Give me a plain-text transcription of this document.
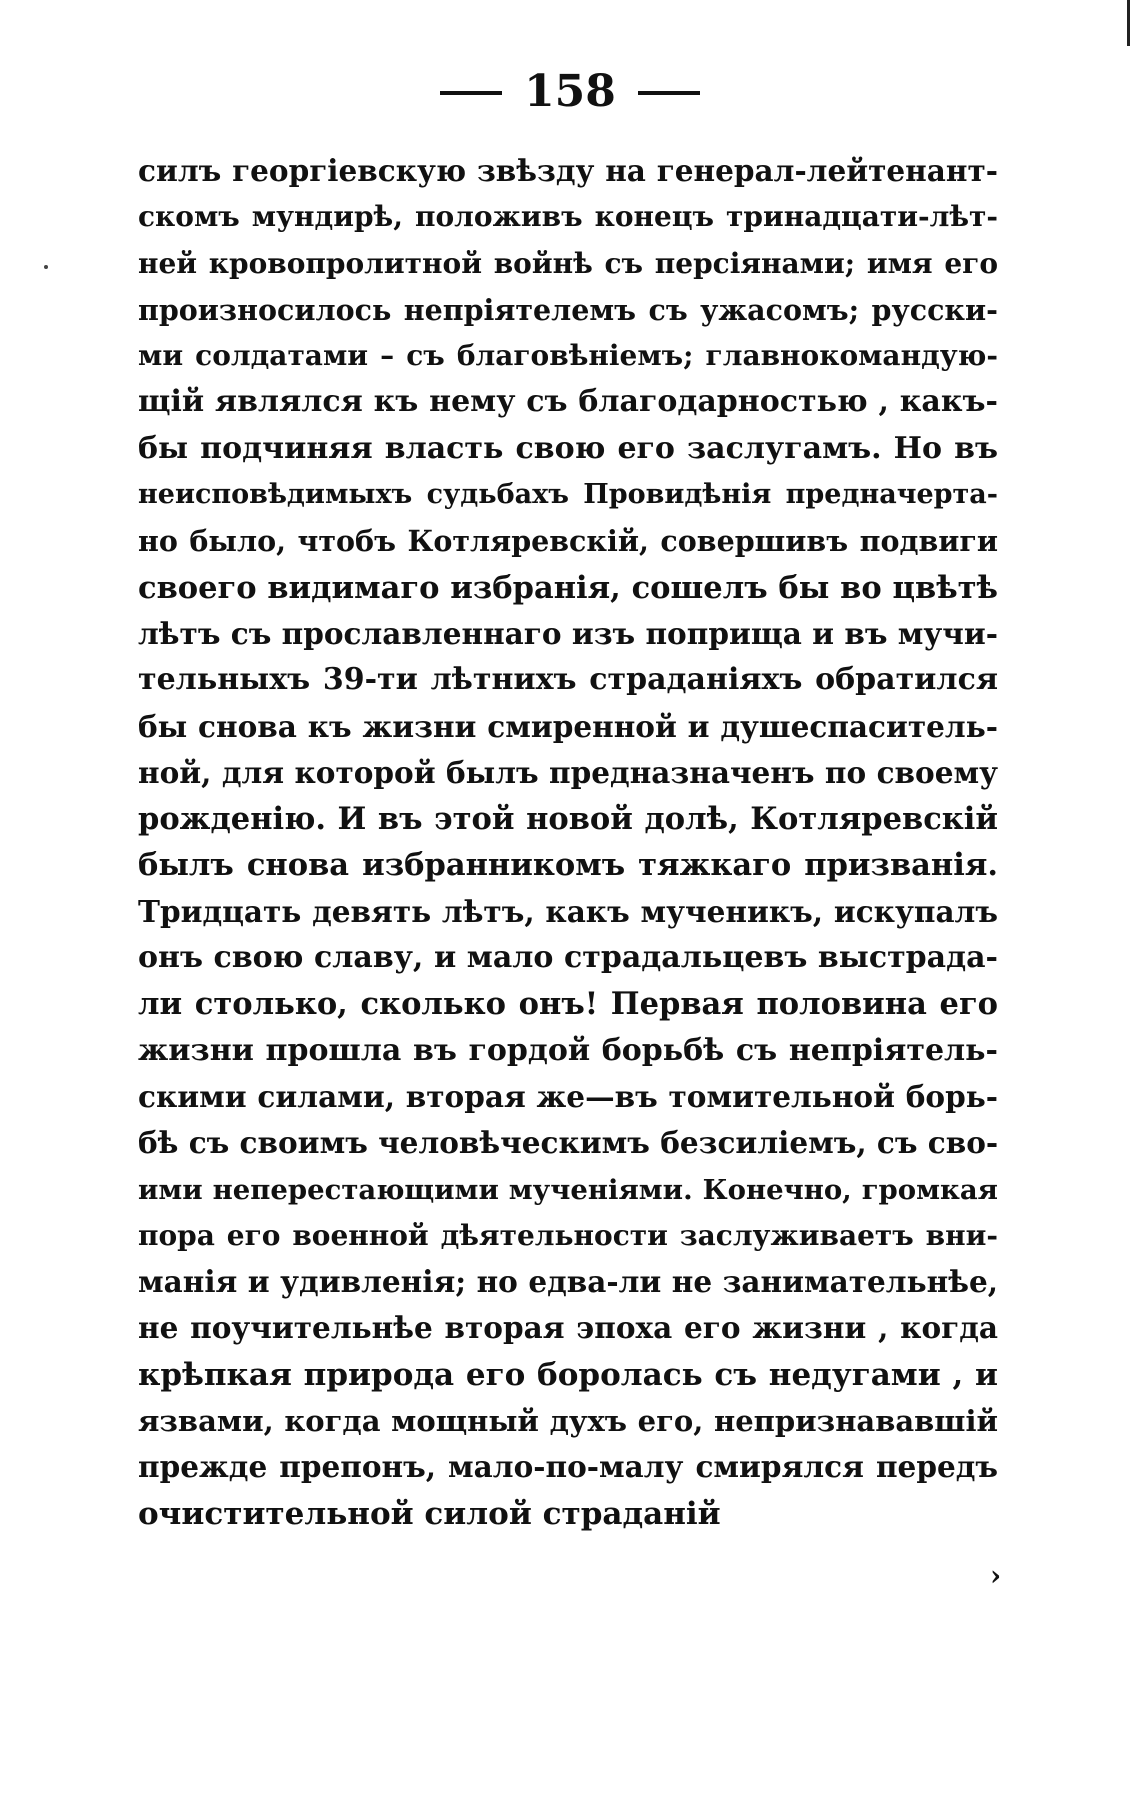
158
силъ георгіевскую звѣзду на генерал-лейтенант-
скомъ мундирѣ, положивъ конецъ тринадцати-лѣт-
ней кровопролитной войнѣ съ персіянами; имя его
произносилось непріятелемъ съ ужасомъ; русски-
ми солдатами – съ благовѣніемъ; главнокомандую-
щій являлся къ нему съ благодарностью , какъ-
бы подчиняя власть свою его заслугамъ. Но въ
неисповѣдимыхъ судьбахъ Провидѣнія предначерта-
но было, чтобъ Котляревскій, совершивъ подвиги
своего видимаго избранія, сошелъ бы во цвѣтѣ
лѣтъ съ прославленнаго изъ поприща и въ мучи-
тельныхъ 39-ти лѣтнихъ страданіяхъ обратился
бы снова къ жизни смиренной и душеспаситель-
ной, для которой былъ предназначенъ по своему
рожденію. И въ этой новой долѣ, Котляревскій
былъ снова избранникомъ тяжкаго призванія.
Тридцать девять лѣтъ, какъ мученикъ, искупалъ
онъ свою славу, и мало страдальцевъ выстрада-
ли столько, сколько онъ! Первая половина его
жизни прошла въ гордой борьбѣ съ непріятель-
скими силами, вторая же—въ томительной борь-
бѣ съ своимъ человѣческимъ безсиліемъ, съ сво-
ими неперестающими мученіями. Конечно, громкая
пора его военной дѣятельности заслуживаетъ вни-
манія и удивленія; но едва-ли не занимательнѣе,
не поучительнѣе вторая эпоха его жизни , когда
крѣпкая природа его боролась съ недугами , и
язвами, когда мощный духъ его, непризнававшій
прежде препонъ, мало-по-малу смирялся передъ
очистительной силой страданій
›
